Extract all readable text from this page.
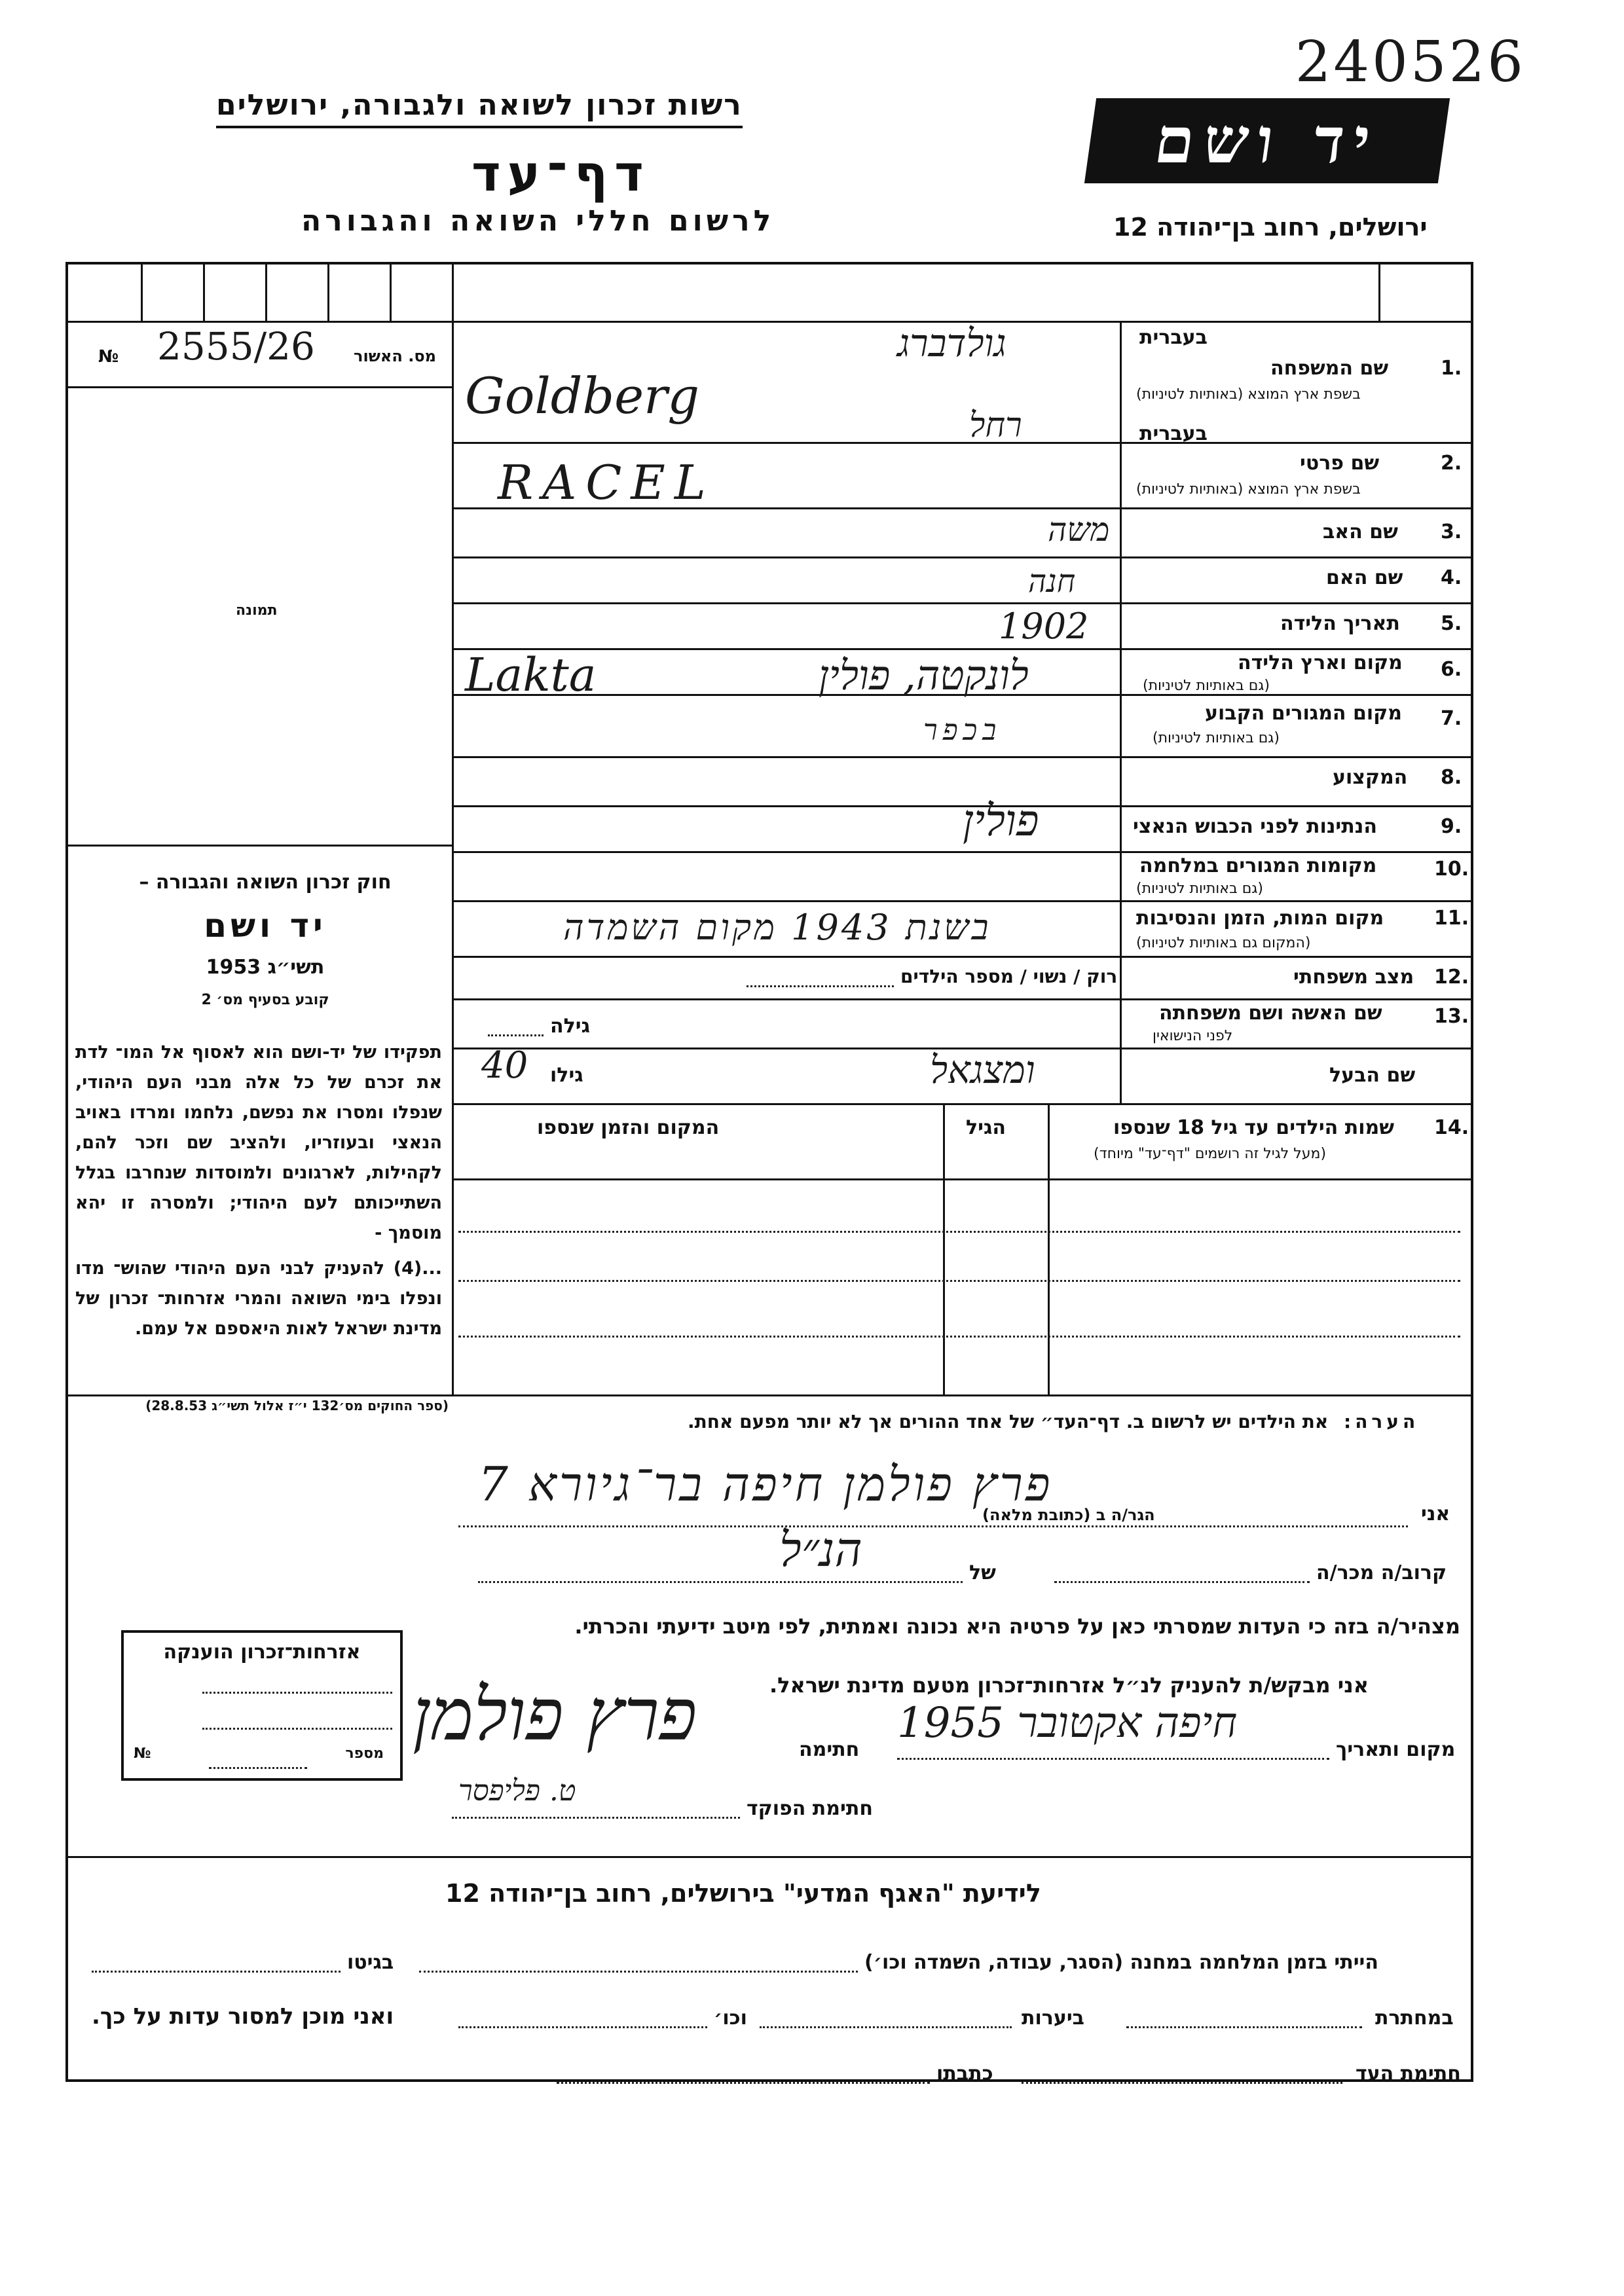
240526
רשות זכרון לשואה ולגבורה, ירושלים
דף־עד
לרשום חללי השואה והגבורה
יד ושם
ירושלים, רחוב בן־יהודה 12
№ 2555/26 מס. האשור
תמונה
חוק זכרון השואה והגבורה –
יד ושם
תשי״ג 1953
קובע בסעיף מס׳ 2
תפקידו של יד-ושם הוא לאסוף אל המו־ לדת את זכרם של כל אלה מבני העם היהודי, שנפלו ומסרו את נפשם, נלחמו ומרדו באויב הנאצי ובעוזריו, ולהציב שם וזכר להם, לקהילות, לארגונים ולמוסדות שנחרבו בגלל השתייכותם לעם היהודי; ולמסרה זו יהא מוסמך -
...(4) להעניק לבני העם היהודי שהוש־ מדו ונפלו בימי השואה והמרי אזרחות־ זכרון של מדינת ישראל לאות היאספם אל עמם.
(ספר החוקים מס׳132 י״ז אלול תשי״ג 28.8.53)
בעברית
גולדברג
1.
שם המשפחה
בשפת ארץ המוצא (באותיות לטיניות)
Goldberg
בעברית
רחל
2.
שם פרטי
בשפת ארץ המוצא (באותיות לטיניות)
RACEL
3.
שם האב
משה
4.
שם האם
חנה
5.
תאריך הלידה
1902
6.
מקום וארץ הלידה
(גם באותיות לטיניות)
Lakta	לונקטה, פולין
7.
מקום המגורים הקבוע
(גם באותיות לטיניות)
בכפר
8.
המקצוע
9.
הנתינות לפני הכבוש הנאצי
פולין
10.
מקומות המגורים במלחמה
(גם באותיות לטיניות)
11.
מקום המות, הזמן והנסיבות
(המקום גם באותיות לטיניות)
בשנת 1943 מקום השמדה
12.
מצב משפחתי
רוק / נשוי / מספר הילדים
13.
שם האשה ושם משפחתה
לפני הנישואין
גילה
שם הבעל
ומצגאל
גילו
40
14.
שמות הילדים עד גיל 18 שנספו
(מעל לגיל זה רושמים "דף־עד" מיוחד)
הגיל
המקום והזמן שנספו
הערה: את הילדים יש לרשום ב. דף־העד״ של אחד ההורים אך לא יותר מפעם אחת.
אני
פרץ פולמן חיפה בר־גיורא 7
הגר/ה ב (כתובת מלאה)
קרוב/ה מכר/ה
של
הנ״ל
מצהיר/ה בזה כי העדות שמסרתי כאן על פרטיה היא נכונה ואמתית, לפי מיטב ידיעתי והכרתי.
אני מבקש/ת להעניק לנ״ל אזרחות־זכרון מטעם מדינת ישראל.
מקום ותאריך
חיפה אקטובר 1955
חתימה
פרץ פולמן
חתימת הפוקד
ט. פליפסר
אזרחות־זכרון הוענקה
מספר
№
לידיעת "האגף המדעי" בירושלים, רחוב בן־יהודה 12
הייתי בזמן המלחמה במחנה (הסגר, עבודה, השמדה וכו׳)
בגיטו
במחתרת
ביערות
וכו׳
ואני מוכן למסור עדות על כך.
חתימת העד
כתבתו
